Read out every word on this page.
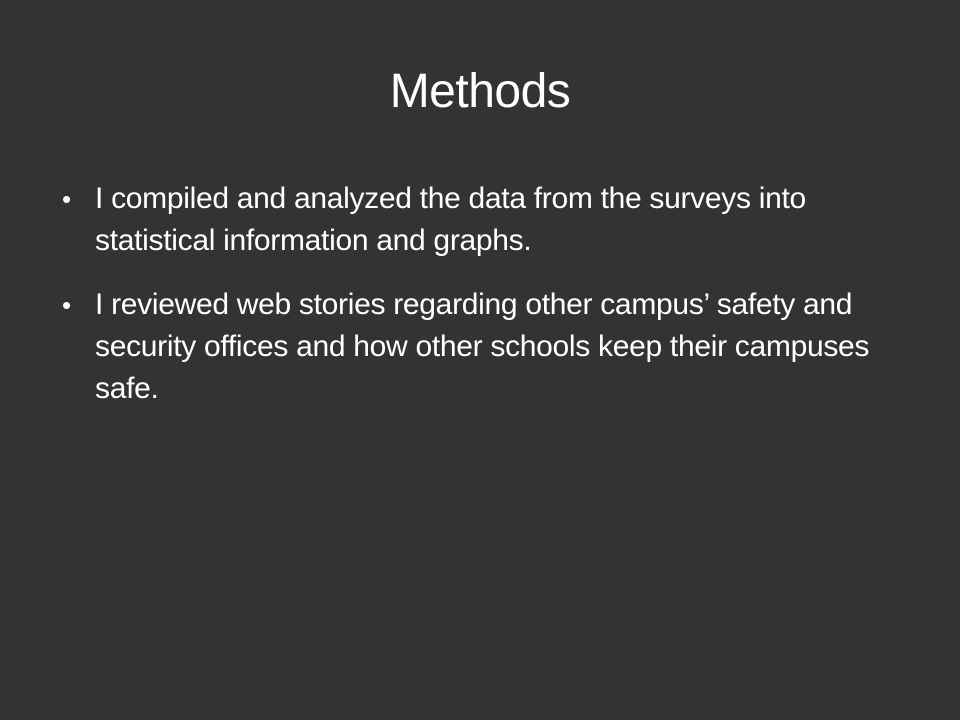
Methods
• I compiled and analyzed the data from the surveys into statistical information and graphs.
• I reviewed web stories regarding other campus’ safety and security offices and how other schools keep their campuses safe.
